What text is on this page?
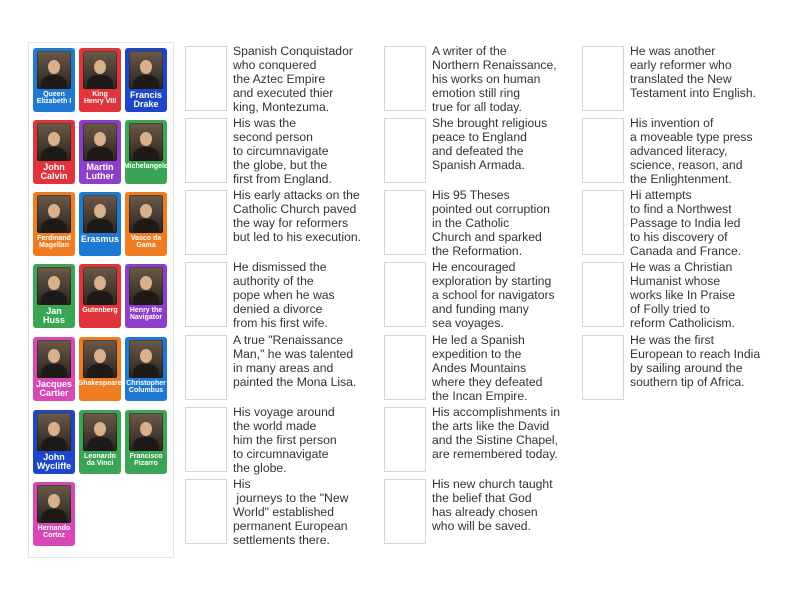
Queen Elizabeth I
King Henry VIII
Francis Drake
John Calvin
Martin Luther
Michelangelo
Ferdinand Magellan
Erasmus	Vasco da Gama
Jan Huss
Gutenberg Henry the Navigator
Jacques Cartier
Shakespeare Christopher Columbus
John Wycliffe
Leonardo da Vinci
Francisco Pizarro
Hernando Cortez
Spanish Conquistador
who conquered
the Aztec Empire
and executed thier
king, Montezuma.
His was the
second person
to circumnavigate
the globe, but the
first from England.
His early attacks on the
Catholic Church paved
the way for reformers
but led to his execution.
He dismissed the
authority of the
pope when he was
denied a divorce
from his first wife.
A true "Renaissance
Man," he was talented
in many areas and
painted the Mona Lisa.
His voyage around
the world made
him the first person
to circumnavigate
the globe.
His
journeys to the "New
World" established
permanent European
settlements there.
A writer of the
Northern Renaissance,
his works on human
emotion still ring
true for all today.
She brought religious
peace to England
and defeated the
Spanish Armada.
His 95 Theses
pointed out corruption
in the Catholic
Church and sparked
the Reformation.
He encouraged
exploration by starting
a school for navigators
and funding many
sea voyages.
He led a Spanish
expedition to the
Andes Mountains
where they defeated
the Incan Empire.
His accomplishments in
the arts like the David
and the Sistine Chapel,
are remembered today.
His new church taught
the belief that God
has already chosen
who will be saved.
He was another
early reformer who
translated the New
Testament into English.
His invention of
a moveable type press
advanced literacy,
science, reason, and
the Enlightenment.
Hi attempts
to find a Northwest
Passage to India led
to his discovery of
Canada and France.
He was a Christian
Humanist whose
works like In Praise
of Folly tried to
reform Catholicism.
He was the first
European to reach India
by sailing around the
southern tip of Africa.
